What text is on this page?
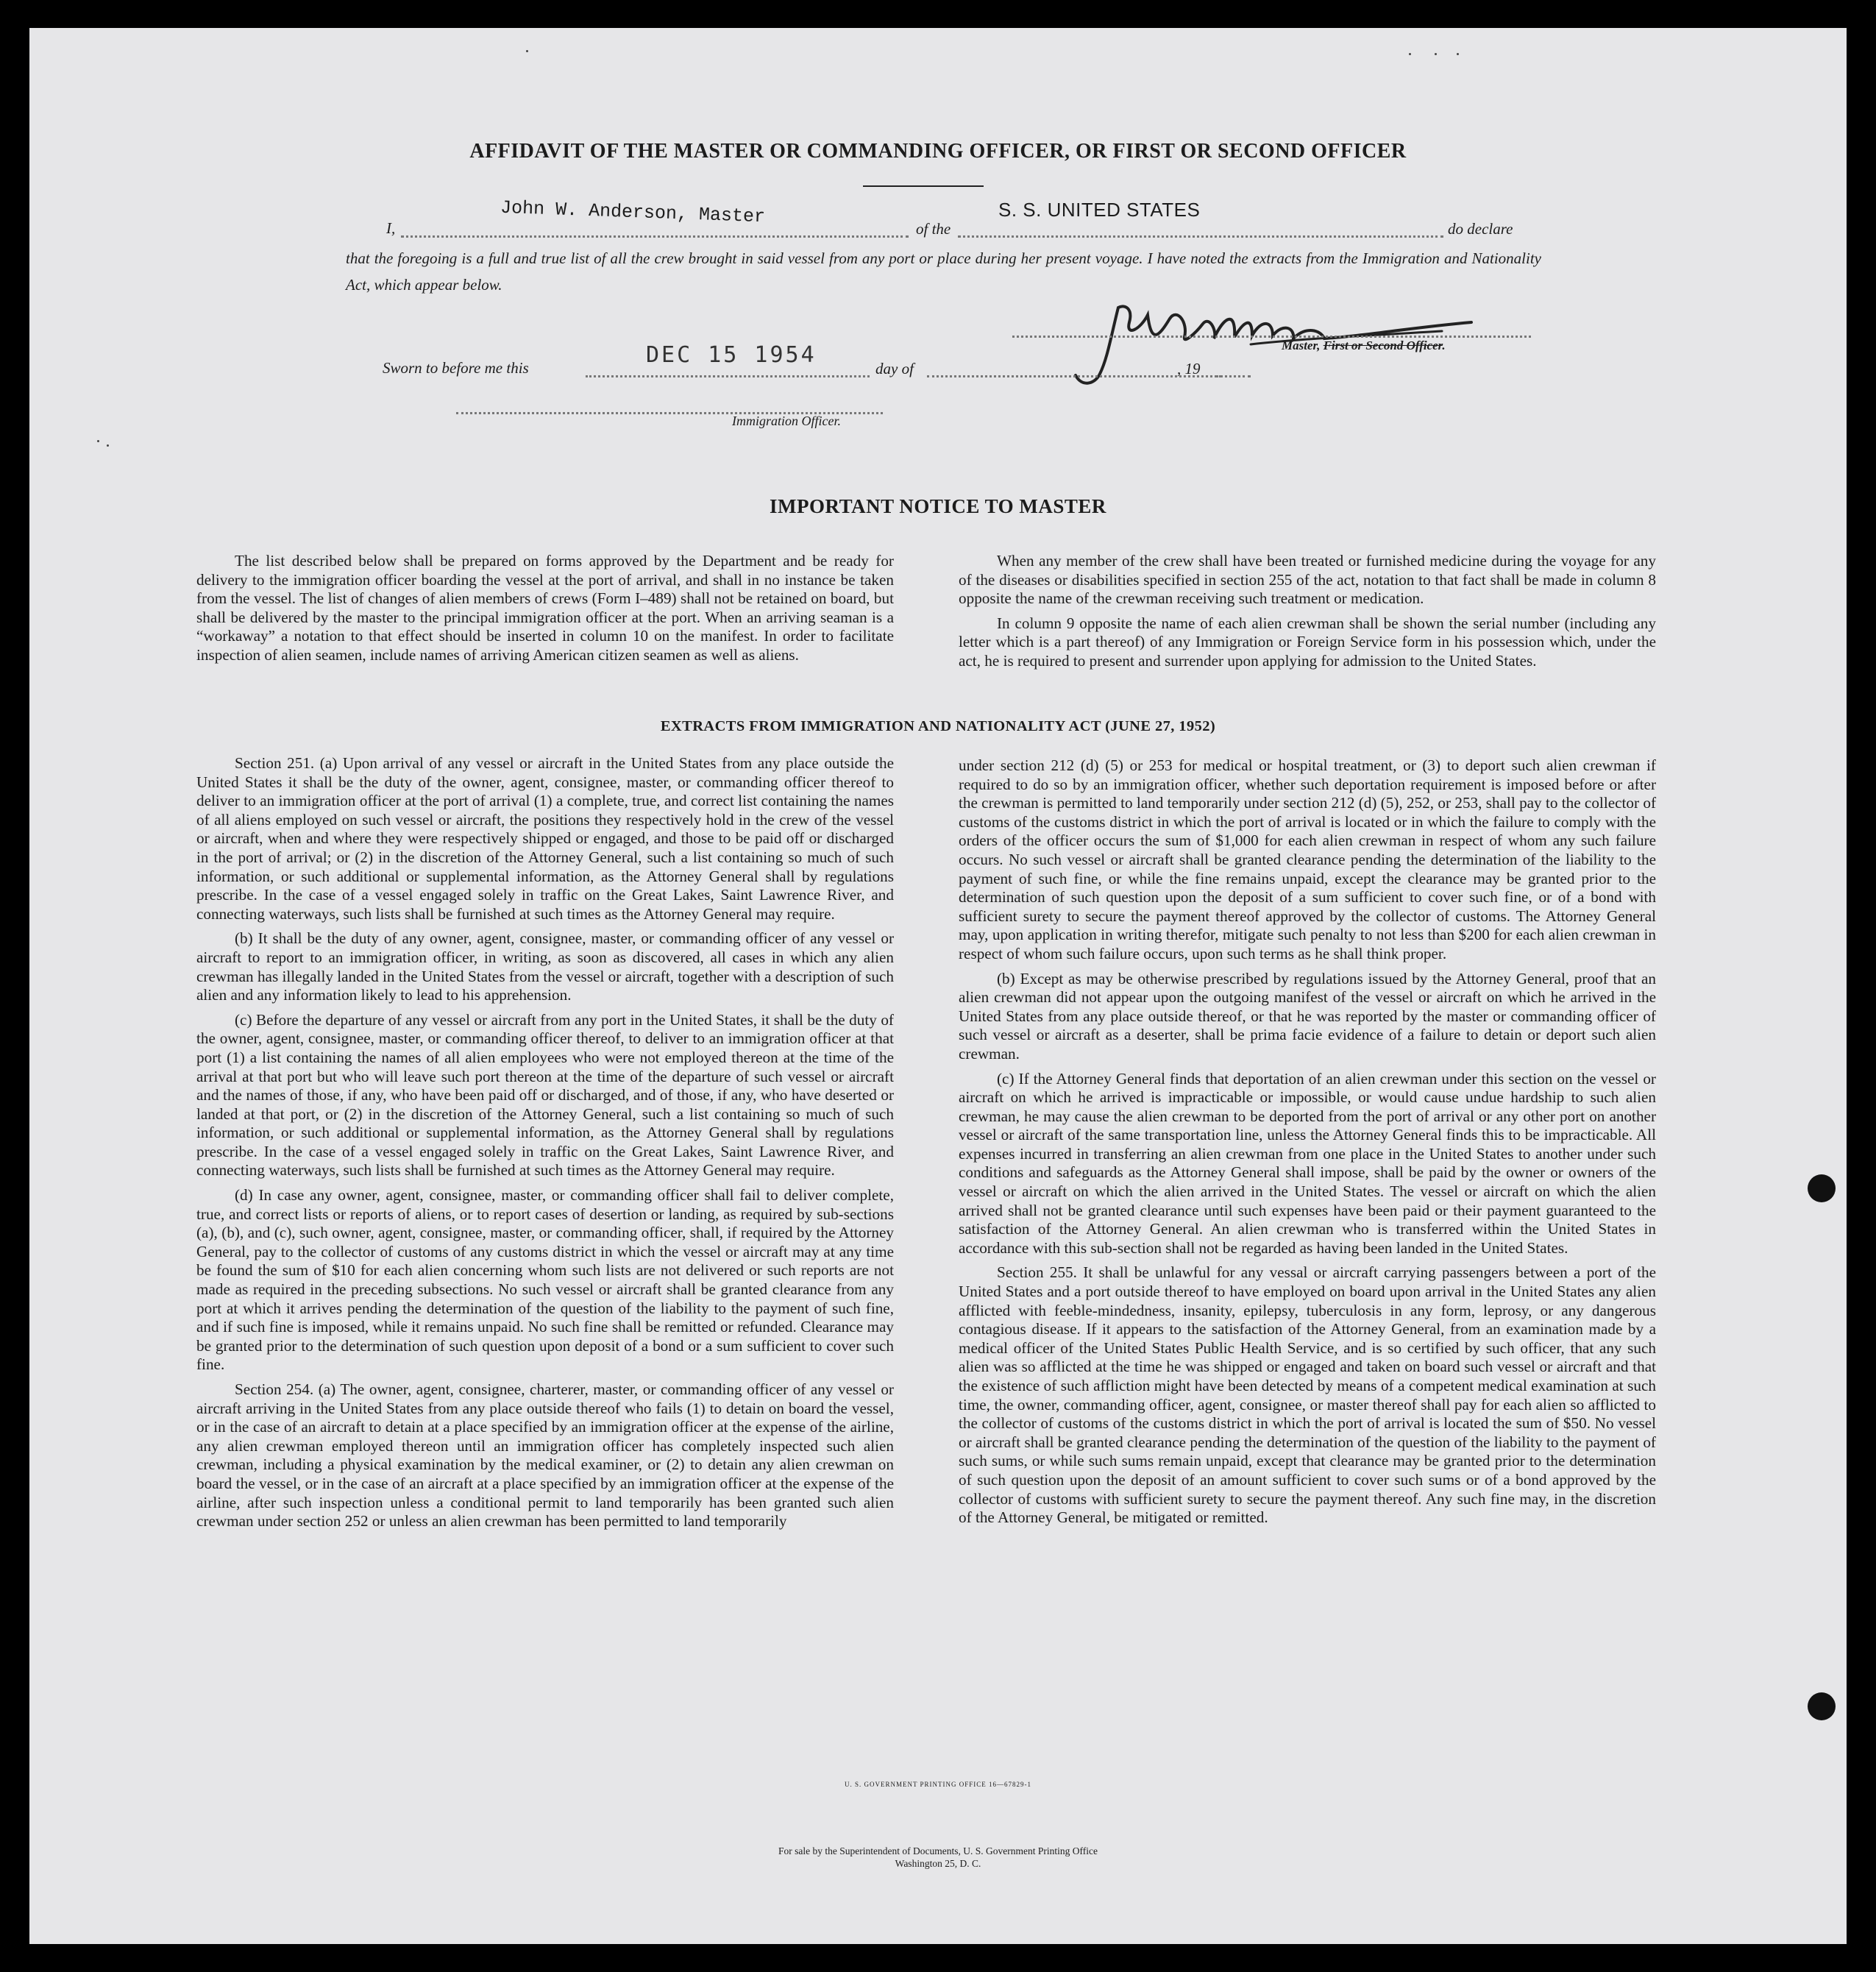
AFFIDAVIT OF THE MASTER OR COMMANDING OFFICER, OR FIRST OR SECOND OFFICER
I,
John W. Anderson, Master
of the
S. S. UNITED STATES
do declare
that the foregoing is a full and true list of all the crew brought in said vessel from any port or place during her present voyage. I have noted the extracts from the Immigration and Nationality Act, which appear below.	J W Anderson
Master, First or Second Officer.
Sworn to before me this	DEC 15 1954
day of	, 19
Immigration Officer.
IMPORTANT NOTICE TO MASTER

The list described below shall be prepared on forms approved by the Department and be ready for delivery to the immigration officer boarding the vessel at the port of arrival, and shall in no instance be taken from the vessel. The list of changes of alien members of crews (Form I–489) shall not be retained on board, but shall be delivered by the master to the principal immigration officer at the port. When an arriving seaman is a “workaway” a notation to that effect should be inserted in column 10 on the manifest. In order to facilitate inspection of alien seamen, include names of arriving American citizen seamen as well as aliens.

When any member of the crew shall have been treated or furnished medicine during the voyage for any of the diseases or disabilities specified in section 255 of the act, notation to that fact shall be made in column 8 opposite the name of the crewman receiving such treatment or medication.

In column 9 opposite the name of each alien crewman shall be shown the serial number (including any letter which is a part thereof) of any Immigration or Foreign Service form in his possession which, under the act, he is required to present and surrender upon applying for admission to the United States.

EXTRACTS FROM IMMIGRATION AND NATIONALITY ACT (JUNE 27, 1952)

Section 251. (a) Upon arrival of any vessel or aircraft in the United States from any place outside the United States it shall be the duty of the owner, agent, consignee, master, or commanding officer thereof to deliver to an immigration officer at the port of arrival (1) a complete, true, and correct list containing the names of all aliens employed on such vessel or aircraft, the positions they respectively hold in the crew of the vessel or aircraft, when and where they were respectively shipped or engaged, and those to be paid off or discharged in the port of arrival; or (2) in the discretion of the Attorney General, such a list containing so much of such information, or such additional or supplemental information, as the Attorney General shall by regulations prescribe. In the case of a vessel engaged solely in traffic on the Great Lakes, Saint Lawrence River, and connecting waterways, such lists shall be furnished at such times as the Attorney General may require.

(b) It shall be the duty of any owner, agent, consignee, master, or commanding officer of any vessel or aircraft to report to an immigration officer, in writing, as soon as discovered, all cases in which any alien crewman has illegally landed in the United States from the vessel or aircraft, together with a description of such alien and any information likely to lead to his apprehension.

(c) Before the departure of any vessel or aircraft from any port in the United States, it shall be the duty of the owner, agent, consignee, master, or commanding officer thereof, to deliver to an immigration officer at that port (1) a list containing the names of all alien employees who were not employed thereon at the time of the arrival at that port but who will leave such port thereon at the time of the departure of such vessel or aircraft and the names of those, if any, who have been paid off or discharged, and of those, if any, who have deserted or landed at that port, or (2) in the discretion of the Attorney General, such a list containing so much of such information, or such additional or supplemental information, as the Attorney General shall by regulations prescribe. In the case of a vessel engaged solely in traffic on the Great Lakes, Saint Lawrence River, and connecting waterways, such lists shall be furnished at such times as the Attorney General may require.

(d) In case any owner, agent, consignee, master, or commanding officer shall fail to deliver complete, true, and correct lists or reports of aliens, or to report cases of desertion or landing, as required by sub-sections (a), (b), and (c), such owner, agent, consignee, master, or commanding officer, shall, if required by the Attorney General, pay to the collector of customs of any customs district in which the vessel or aircraft may at any time be found the sum of $10 for each alien concerning whom such lists are not delivered or such reports are not made as required in the preceding subsections. No such vessel or aircraft shall be granted clearance from any port at which it arrives pending the determination of the question of the liability to the payment of such fine, and if such fine is imposed, while it remains unpaid. No such fine shall be remitted or refunded. Clearance may be granted prior to the determination of such question upon deposit of a bond or a sum sufficient to cover such fine.

Section 254. (a) The owner, agent, consignee, charterer, master, or commanding officer of any vessel or aircraft arriving in the United States from any place outside thereof who fails (1) to detain on board the vessel, or in the case of an aircraft to detain at a place specified by an immigration officer at the expense of the airline, any alien crewman employed thereon until an immigration officer has completely inspected such alien crewman, including a physical examination by the medical examiner, or (2) to detain any alien crewman on board the vessel, or in the case of an aircraft at a place specified by an immigration officer at the expense of the airline, after such inspection unless a conditional permit to land temporarily has been granted such alien crewman under section 252 or unless an alien crewman has been permitted to land temporarily

under section 212 (d) (5) or 253 for medical or hospital treatment, or (3) to deport such alien crewman if required to do so by an immigration officer, whether such deportation requirement is imposed before or after the crewman is permitted to land temporarily under section 212 (d) (5), 252, or 253, shall pay to the collector of customs of the customs district in which the port of arrival is located or in which the failure to comply with the orders of the officer occurs the sum of $1,000 for each alien crewman in respect of whom any such failure occurs. No such vessel or aircraft shall be granted clearance pending the determination of the liability to the payment of such fine, or while the fine remains unpaid, except the clearance may be granted prior to the determination of such question upon the deposit of a sum sufficient to cover such fine, or of a bond with sufficient surety to secure the payment thereof approved by the collector of customs. The Attorney General may, upon application in writing therefor, mitigate such penalty to not less than $200 for each alien crewman in respect of whom such failure occurs, upon such terms as he shall think proper.

(b) Except as may be otherwise prescribed by regulations issued by the Attorney General, proof that an alien crewman did not appear upon the outgoing manifest of the vessel or aircraft on which he arrived in the United States from any place outside thereof, or that he was reported by the master or commanding officer of such vessel or aircraft as a deserter, shall be prima facie evidence of a failure to detain or deport such alien crewman.

(c) If the Attorney General finds that deportation of an alien crewman under this section on the vessel or aircraft on which he arrived is impracticable or impossible, or would cause undue hardship to such alien crewman, he may cause the alien crewman to be deported from the port of arrival or any other port on another vessel or aircraft of the same transportation line, unless the Attorney General finds this to be impracticable. All expenses incurred in transferring an alien crewman from one place in the United States to another under such conditions and safeguards as the Attorney General shall impose, shall be paid by the owner or owners of the vessel or aircraft on which the alien arrived in the United States. The vessel or aircraft on which the alien arrived shall not be granted clearance until such expenses have been paid or their payment guaranteed to the satisfaction of the Attorney General. An alien crewman who is transferred within the United States in accordance with this sub-section shall not be regarded as having been landed in the United States.

Section 255. It shall be unlawful for any vessal or aircraft carrying passengers between a port of the United States and a port outside thereof to have employed on board upon arrival in the United States any alien afflicted with feeble-mindedness, insanity, epilepsy, tuberculosis in any form, leprosy, or any dangerous contagious disease. If it appears to the satisfaction of the Attorney General, from an examination made by a medical officer of the United States Public Health Service, and is so certified by such officer, that any such alien was so afflicted at the time he was shipped or engaged and taken on board such vessel or aircraft and that the existence of such affliction might have been detected by means of a competent medical examination at such time, the owner, commanding officer, agent, consignee, or master thereof shall pay for each alien so afflicted to the collector of customs of the customs district in which the port of arrival is located the sum of $50. No vessel or aircraft shall be granted clearance pending the determination of the question of the liability to the payment of such sums, or while such sums remain unpaid, except that clearance may be granted prior to the determination of such question upon the deposit of an amount sufficient to cover such sums or of a bond approved by the collector of customs with sufficient surety to secure the payment thereof. Any such fine may, in the discretion of the Attorney General, be mitigated or remitted.

U. S. GOVERNMENT PRINTING OFFICE 16—67829-1
For sale by the Superintendent of Documents, U. S. Government Printing Office
Washington 25, D. C.
